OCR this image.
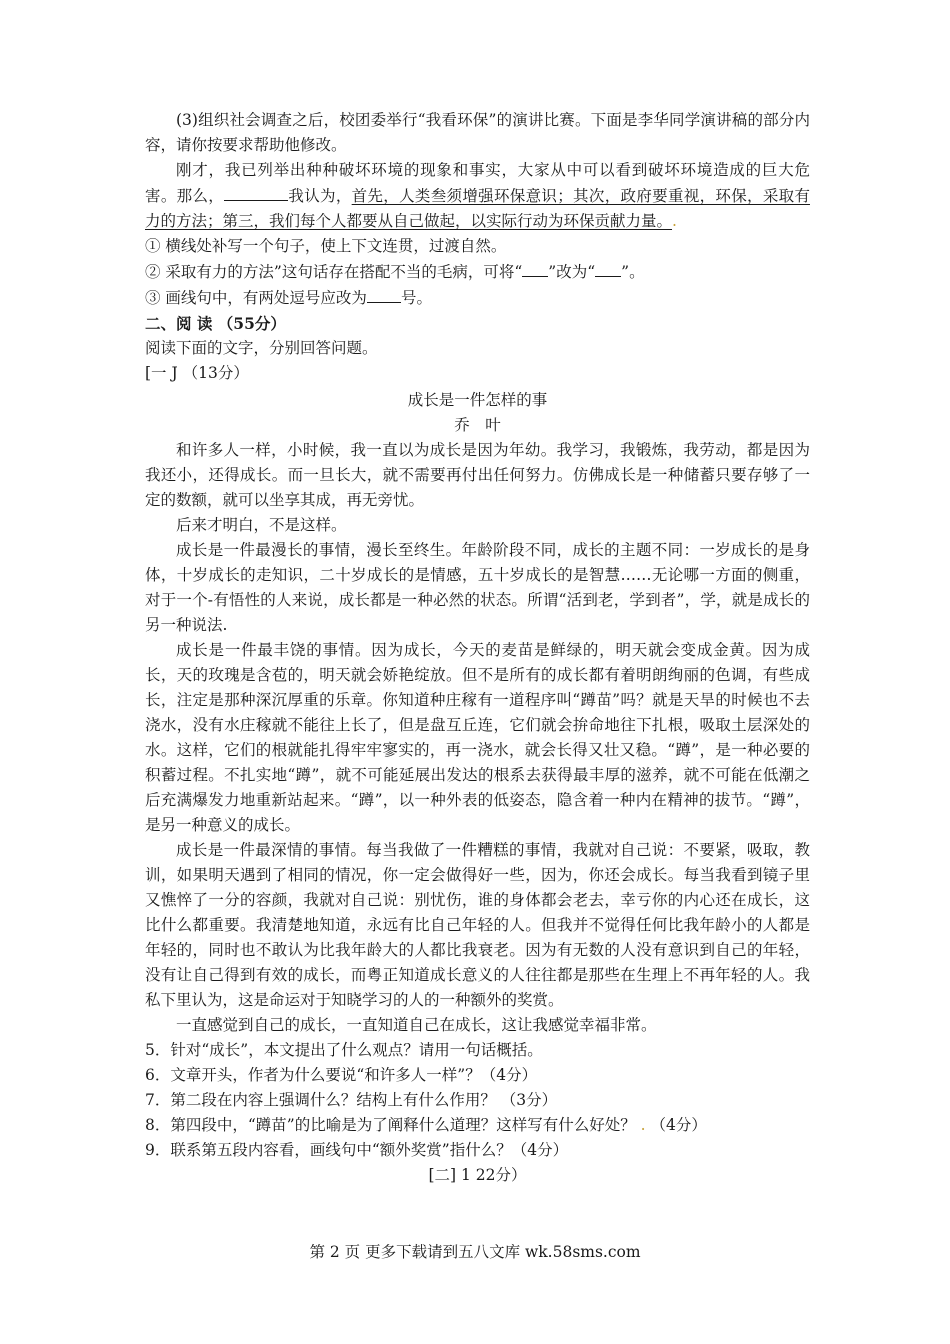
(3)组织社会调查之后，校团委举行“我看环保”的演讲比赛。下面是李华同学演讲稿的部分内容，请你按要求帮助他修改。

刚才，我已列举出种种破坏环境的现象和事实，大家从中可以看到破坏环境造成的巨大危害。那么，	我认为，首先，人类叁须增强环保意识；其次，政府要重视，环保，采取有力的方法；第三，我们每个人都要从自己做起，以实际行动为环保贡献力量。.

① 横线处补写一个句子，使上下文连贯，过渡自然。

② 采取有力的方法”这句话存在搭配不当的毛病，可将“ ”改为“ ”。

③ 画线句中，有两处逗号应改为 号。

二、阅 读 （55分）

阅读下面的文字，分别回答问题。

[一 J （13分）

成长是一件怎样的事

乔　叶

和许多人一样，小时候，我一直以为成长是因为年幼。我学习，我锻炼，我劳动，都是因为我还小，还得成长。而一旦长大，就不需要再付出任何努力。仿佛成长是一种储蓄只要存够了一定的数额，就可以坐享其成，再无旁忧。

后来才明白，不是这样。

成长是一件最漫长的事情，漫长至终生。年龄阶段不同，成长的主题不同：一岁成长的是身体，十岁成长的走知识，二十岁成长的是情感，五十岁成长的是智慧……无论哪一方面的侧重，对于一个-有悟性的人来说，成长都是一种必然的状态。所谓“活到老，学到者”，学，就是成长的另一种说法.

成长是一件最丰饶的事情。因为成长，今天的麦苗是鲜绿的，明天就会变成金黄。因为成长，天的玫瑰是含苞的，明天就会娇艳绽放。但不是所有的成长都有着明朗绚丽的色调，有些成长，注定是那种深沉厚重的乐章。你知道种庄稼有一道程序叫“蹲苗”吗？就是天旱的时候也不去浇水，没有水庄稼就不能往上长了，但是盘互丘连，它们就会拚命地往下扎根，吸取土层深处的水。这样，它们的根就能扎得牢牢寥实的，再一浇水，就会长得又壮又稳。“蹲”，是一种必要的积蓄过程。不扎实地“蹲”，就不可能延展出发达的根系去获得最丰厚的滋养，就不可能在低潮之后充满爆发力地重新站起来。“蹲”，以一种外表的低姿态，隐含着一种内在精神的拔节。“蹲”，是另一种意义的成长。

成长是一件最深情的事情。每当我做了一件糟糕的事情，我就对自己说：不要紧，吸取，教训，如果明天遇到了相同的情况，你一定会做得好一些，因为，你还会成长。每当我看到镜子里又憔悴了一分的容颜，我就对自己说：别忧伤，谁的身体都会老去，幸亏你的内心还在成长，这比什么都重要。我清楚地知道，永远有比自己年轻的人。但我并不觉得任何比我年龄小的人都是年轻的，同时也不敢认为比我年龄大的人都比我衰老。因为有无数的人没有意识到自己的年轻，没有让自己得到有效的成长，而粤正知道成长意义的人往往都是那些在生理上不再年轻的人。我私下里认为，这是命运对于知晓学习的人的一种额外的奖赏。

一直感觉到自己的成长，一直知道自己在成长，这让我感觉幸福非常。

5．针对“成长”，本文提出了什么观点？请用一句话概括。

6．文章开头，作者为什么要说“和许多人一样”？（4分）

7．第二段在内容上强调什么？结构上有什么作用？ （3分）

8．第四段中，“蹲苗”的比喻是为了阐释什么道理？这样写有什么好处？ . （4分）

9．联系第五段内容看，画线句中“额外奖赏”指什么？（4分）

[二] 1 22分）

第 2 页 更多下载请到五八文库 wk.58sms.com
